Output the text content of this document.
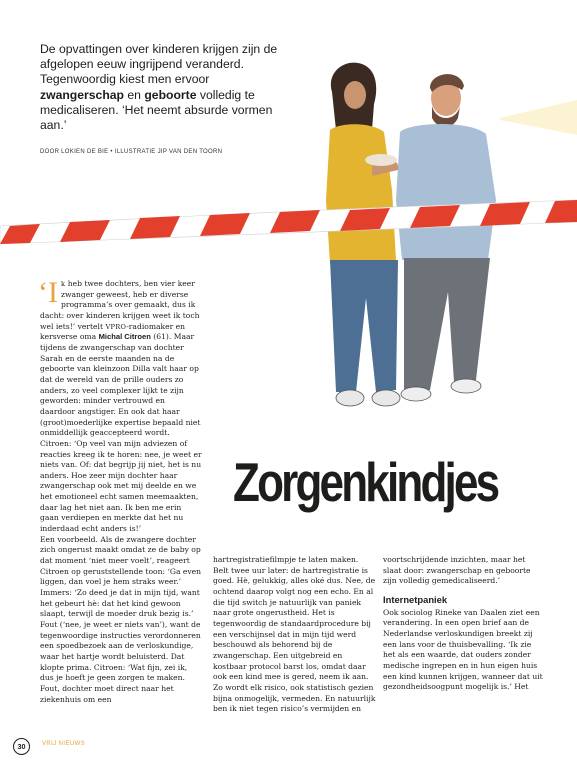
De opvattingen over kinderen krijgen zijn de afgelopen eeuw ingrijpend veranderd. Tegenwoordig kiest men ervoor zwangerschap en geboorte volledig te medicaliseren. ‘Het neemt absurde vormen aan.’
DOOR LOKIEN DE BIE • ILLUSTRATIE JIP VAN DEN TOORN
‘Ik heb twee dochters, ben vier keer zwanger geweest, heb er diverse programma’s over gemaakt, dus ik dacht: over kinderen krijgen weet ik toch wel iets!’ vertelt VPRO-radiomaker en kersverse oma Michal Citroen (61). Maar tijdens de zwangerschap van dochter Sarah en de eerste maanden na de geboorte van kleinzoon Dilla valt haar op dat de wereld van de prille ouders zo anders, zo veel complexer lijkt te zijn geworden: minder vertrouwd en daardoor angstiger. En ook dat haar (groot)moederlijke expertise bepaald niet onmiddellijk geaccepteerd wordt. Citroen: ‘Op veel van mijn adviezen of reacties kreeg ik te horen: nee, je weet er niets van. Of: dat begrijp jij niet, het is nu anders. Hoe zeer mijn dochter haar zwangerschap ook met mij deelde en we het emotioneel echt samen meemaakten, daar lag het niet aan. Ik ben me erin gaan verdiepen en merkte dat het nu inderdaad echt anders is!’

Een voorbeeld. Als de zwangere dochter zich ongerust maakt omdat ze de baby op dat moment ‘niet meer voelt’, reageert Citroen op geruststellende toon: ‘Ga even liggen, dan voel je hem straks weer.’ Immers: ‘Zo deed je dat in mijn tijd, want het gebeurt hè: dat het kind gewoon slaapt, terwijl de moeder druk bezig is.’ Fout (‘nee, je weet er niets van’), want de tegenwoordige instructies verordonneren een spoedbezoek aan de verloskundige, waar het hartje wordt beluisterd. Dat klopte prima. Citroen: ‘Wat fijn, zei ik, dus je hoeft je geen zorgen te maken. Fout, dochter moet direct naar het ziekenhuis om een

Zorgenkindjes

hartregistratiefilmpje te laten maken. Belt twee uur later: de hartregistratie is goed. Hè, gelukkig, alles oké dus. Nee, de ochtend daarop volgt nog een echo. En al die tijd switch je natuurlijk van paniek naar grote ongerustheid. Het is tegenwoordig de standaardprocedure bij een verschijnsel dat in mijn tijd werd beschouwd als behorend bij de zwangerschap. Een uitgebreid en kostbaar protocol barst los, omdat daar ook een kind mee is gered, neem ik aan. Zo wordt elk risico, ook statistisch gezien bijna onmogelijk, vermeden. En natuurlijk ben ik niet tegen risico’s vermijden en

voortschrijdende inzichten, maar het slaat door: zwangerschap en geboorte zijn volledig gemedicaliseerd.’

Internetpaniek

Ook sociolog Rineke van Daalen ziet een verandering. In een open brief aan de Nederlandse verloskundigen breekt zij een lans voor de thuisbevalling. ‘Ik zie het als een waarde, dat ouders zonder medische ingrepen en in hun eigen huis een kind kunnen krijgen, wanneer dat uit gezondheidsoogpunt mogelijk is.’ Het

30	VRIJ NIEUWS
